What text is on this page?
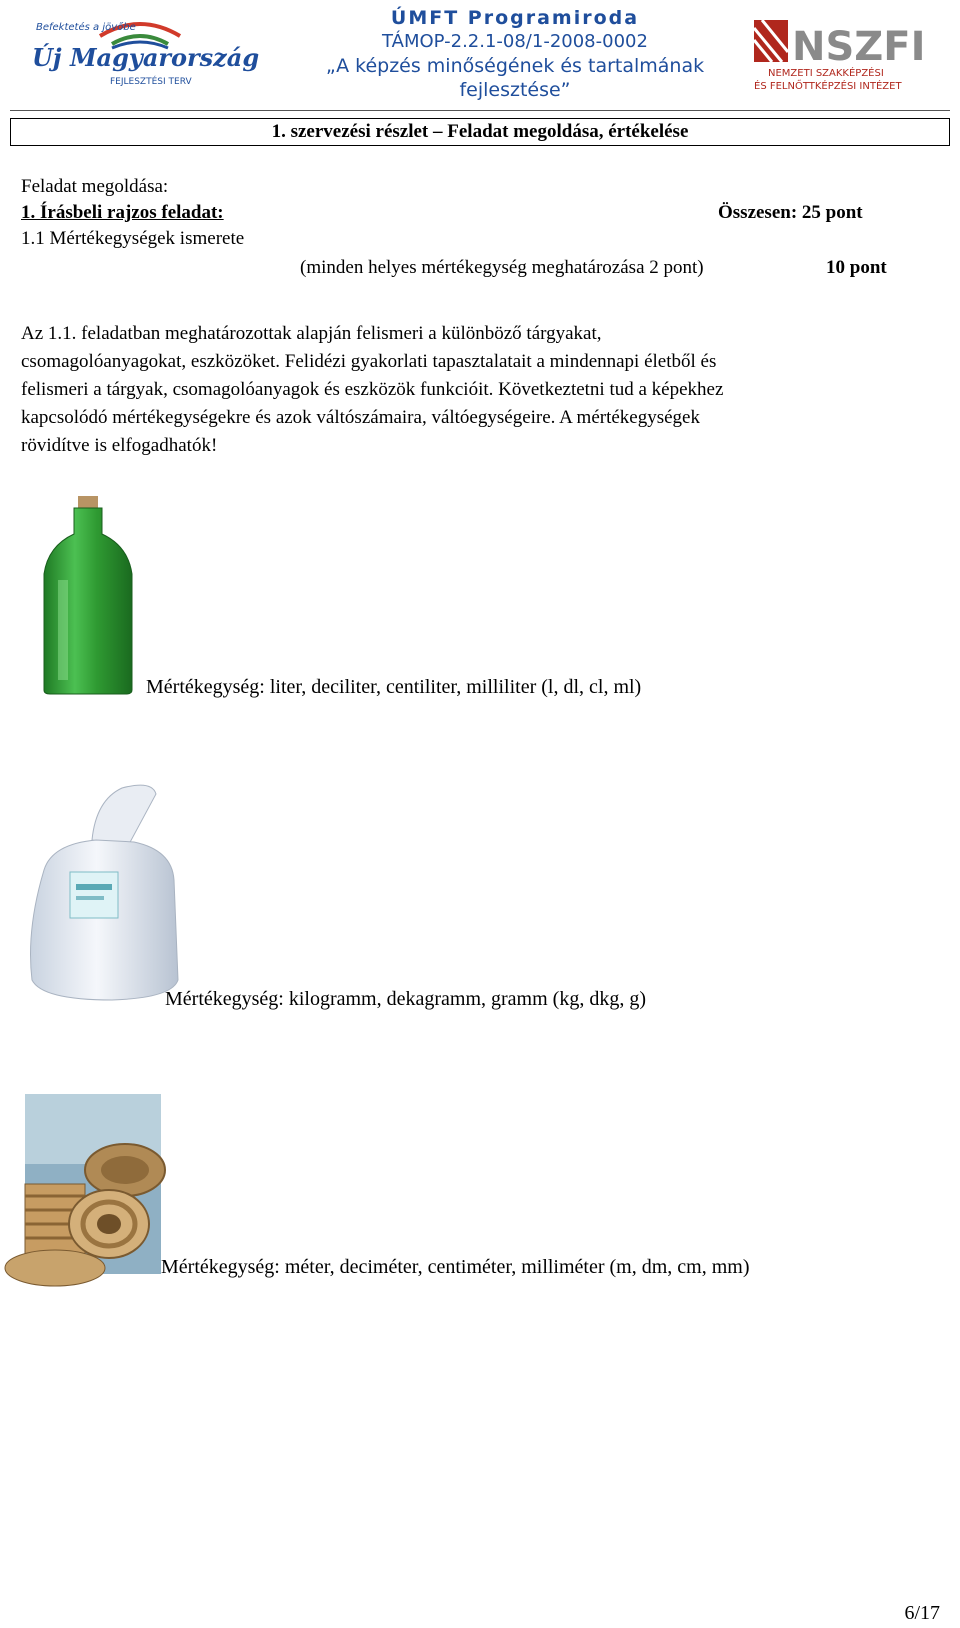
Befektetés a jövőbe
Új Magyarország
FEJLESZTÉSI TERV
ÚMFT Programiroda
TÁMOP-2.2.1-08/1-2008-0002
„A képzés minőségének és tartalmának
fejlesztése”
NSZFI
NEMZETI SZAKKÉPZÉSI
ÉS FELNŐTTKÉPZÉSI INTÉZET
1. szervezési részlet – Feladat megoldása, értékelése
Feladat megoldása:
1. Írásbeli rajzos feladat:	Összesen: 25 pont
1.1 Mértékegységek ismerete
(minden helyes mértékegység meghatározása 2 pont)	10 pont
Az 1.1. feladatban meghatározottak alapján felismeri a különböző tárgyakat,
csomagolóanyagokat, eszközöket. Felidézi gyakorlati tapasztalatait a mindennapi életből és
felismeri a tárgyak, csomagolóanyagok és eszközök funkcióit. Következtetni tud a képekhez
kapcsolódó mértékegységekre és azok váltószámaira, váltóegységeire. A mértékegységek
rövidítve is elfogadhatók!
Mértékegység: liter, deciliter, centiliter, milliliter (l, dl, cl, ml)
Mértékegység: kilogramm, dekagramm, gramm (kg, dkg, g)
Mértékegység: méter, deciméter, centiméter, milliméter (m, dm, cm, mm)
6/17
